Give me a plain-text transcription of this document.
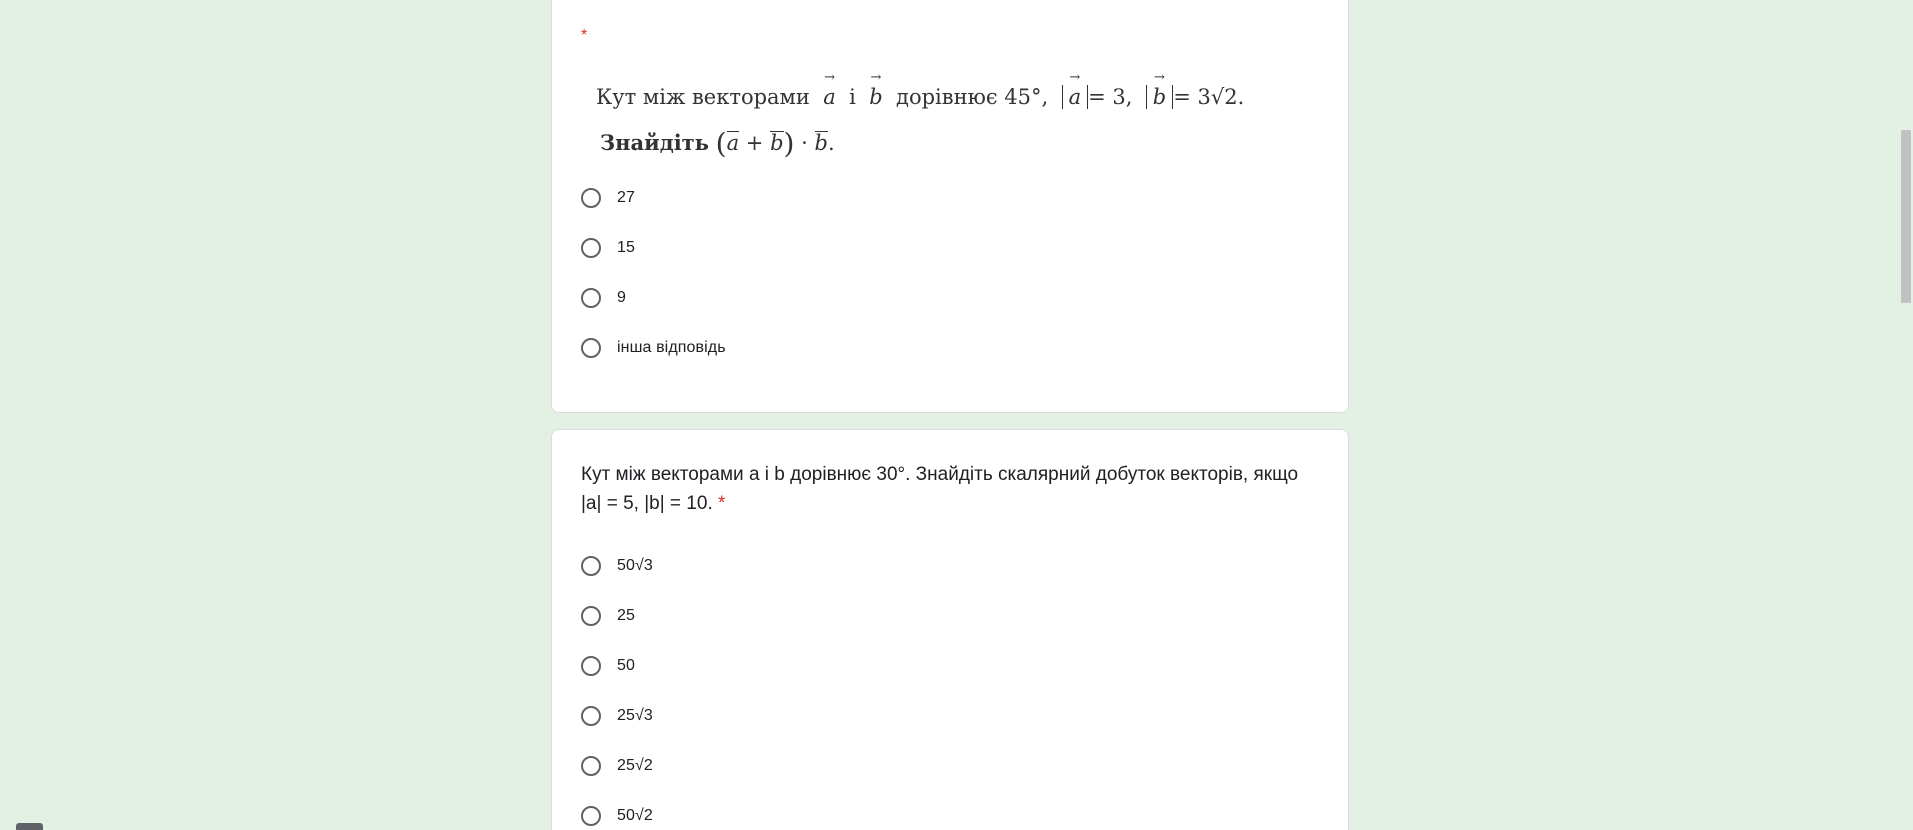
*
Кут між векторами → a і → b дорівнює 45°, → a = 3, → b = 3√2.
Знайдіть (a + b) · b.
27
15
9
інша відповідь
Кут між векторами a і b дорівнює 30°. Знайдіть скалярний добуток векторів, якщо |a| = 5, |b| = 10. *
50√3
25
50
25√3
25√2
50√2
